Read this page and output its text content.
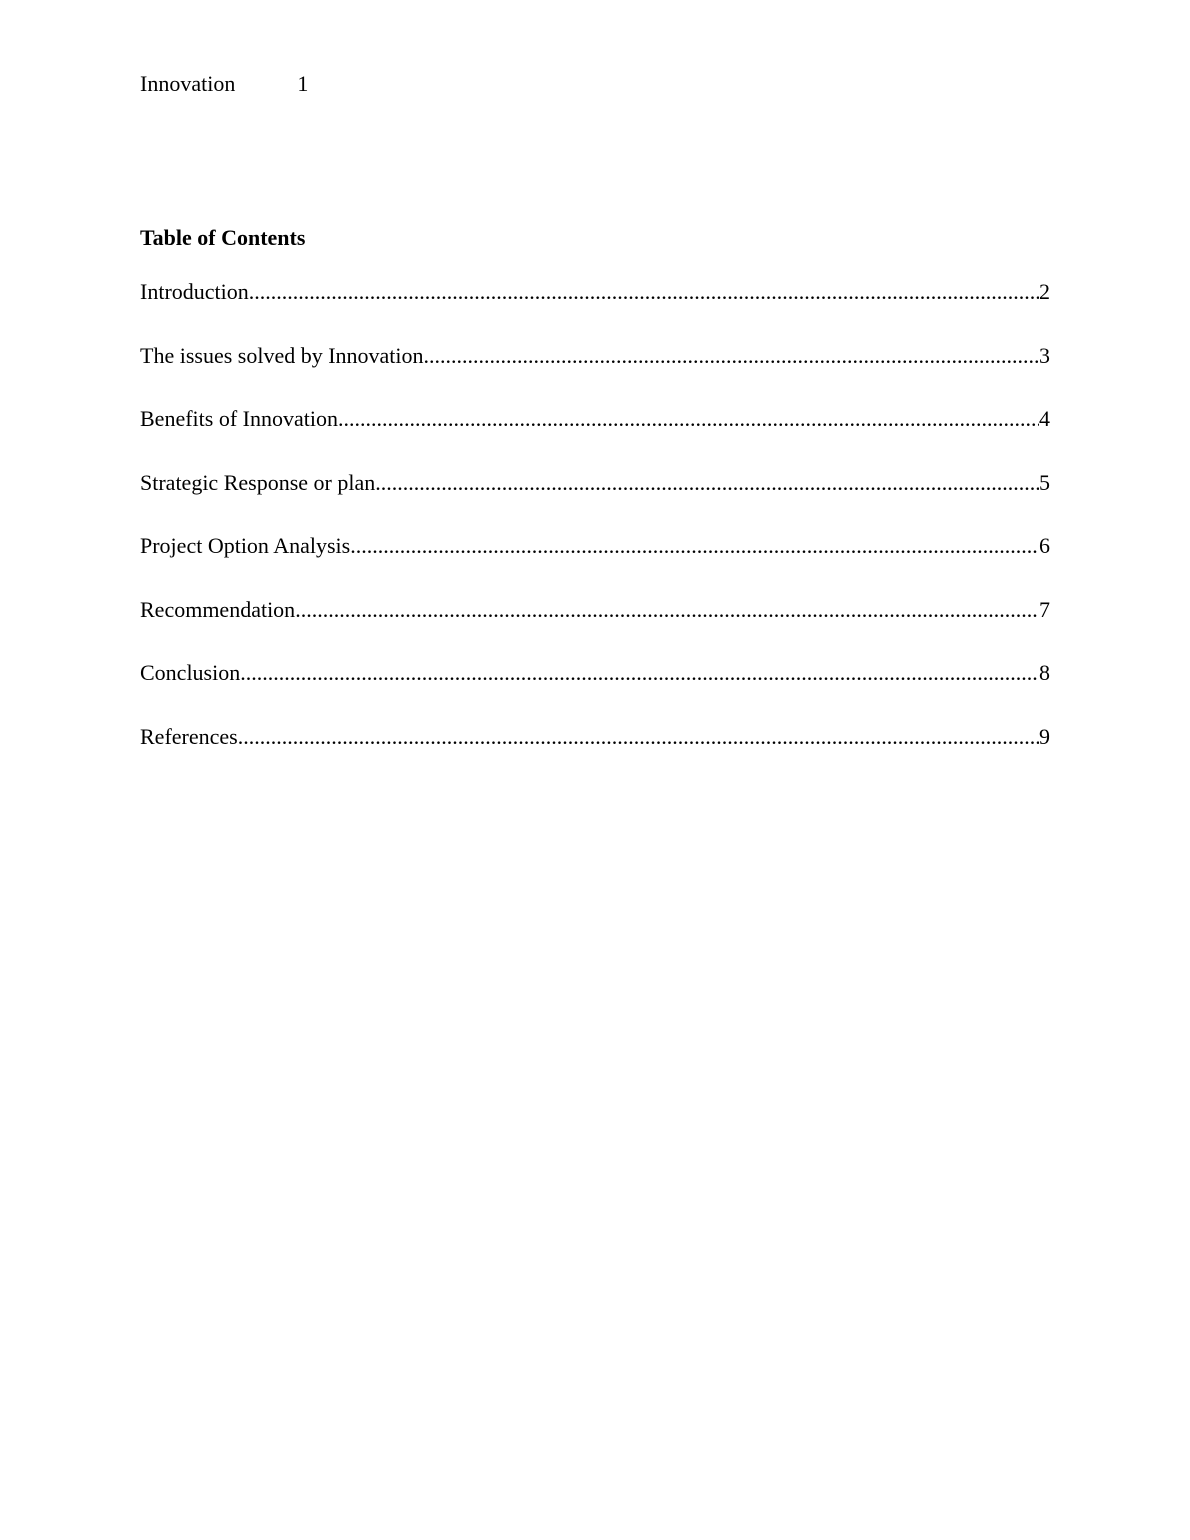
Innovation	1
Table of Contents
Introduction .....	2
The issues solved by Innovation .....	3
Benefits of Innovation .....	4
Strategic Response or plan .....	5
Project Option Analysis .....	6
Recommendation .....	7
Conclusion .....	8
References .....	9
